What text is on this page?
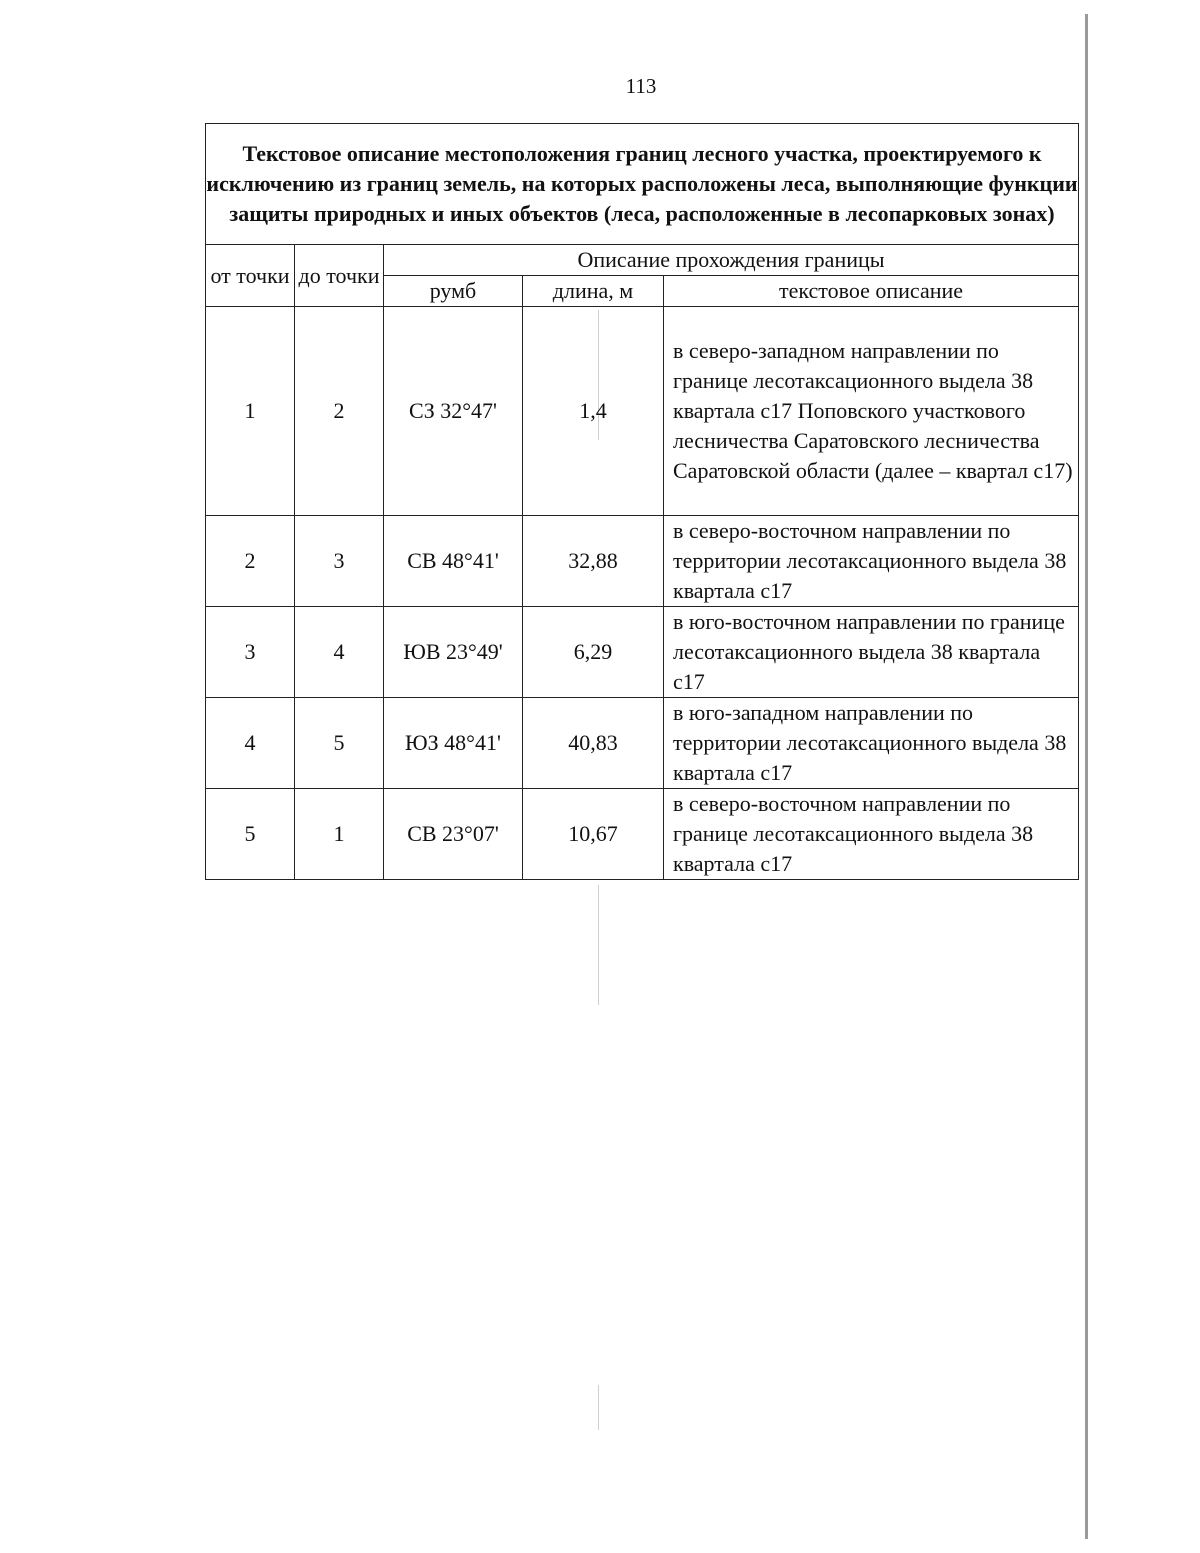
113
Текстовое описание местоположения границ лесного участка, проектируемого к исключению из границ земель, на которых расположены леса, выполняющие функции защиты природных и иных объектов (леса, расположенные в лесопарковых зонах)				
от точки	до точки	Описание прохождения границы		
		румб	длина, м	текстовое описание
1	2	СЗ 32°47'	1,4	в северо-западном направлении по границе лесотаксационного выдела 38 квартала с17 Поповского участкового лесничества Саратовского лесничества Саратовской области (далее – квартал с17)
2	3	СВ 48°41'	32,88	в северо-восточном направлении по территории лесотаксационного выдела 38 квартала с17
3	4	ЮВ 23°49'	6,29	в юго-восточном направлении по границе лесотаксационного выдела 38 квартала с17
4	5	ЮЗ 48°41'	40,83	в юго-западном направлении по территории лесотаксационного выдела 38 квартала с17
5	1	СВ 23°07'	10,67	в северо-восточном направлении по границе лесотаксационного выдела 38 квартала с17
